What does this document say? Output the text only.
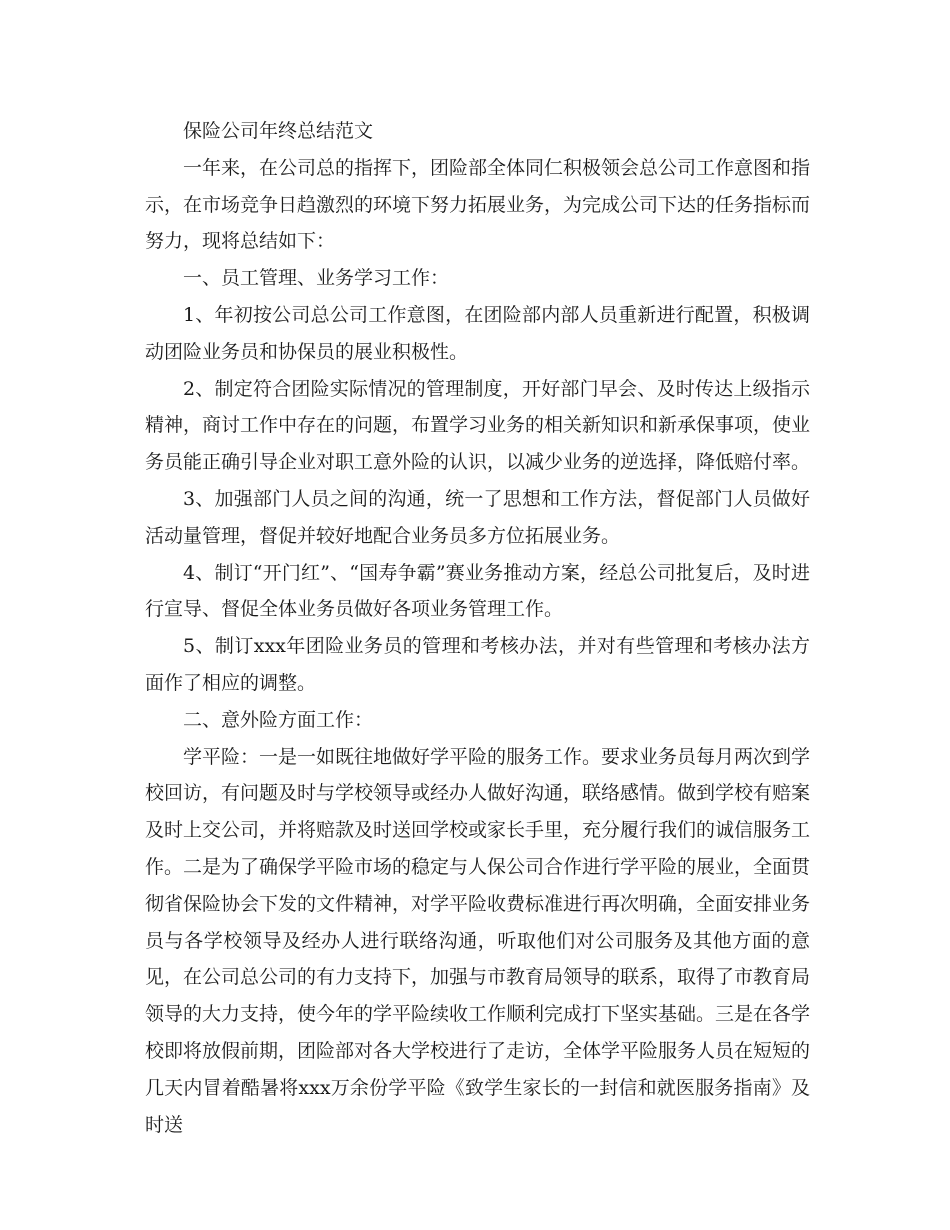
保险公司年终总结范文

一年来，在公司总的指挥下，团险部全体同仁积极领会总公司工作意图和指示，在市场竞争日趋激烈的环境下努力拓展业务，为完成公司下达的任务指标而努力，现将总结如下：

一、员工管理、业务学习工作：

1、年初按公司总公司工作意图，在团险部内部人员重新进行配置，积极调动团险业务员和协保员的展业积极性。

2、制定符合团险实际情况的管理制度，开好部门早会、及时传达上级指示精神，商讨工作中存在的问题，布置学习业务的相关新知识和新承保事项，使业务员能正确引导企业对职工意外险的认识，以减少业务的逆选择，降低赔付率。

3、加强部门人员之间的沟通，统一了思想和工作方法，督促部门人员做好活动量管理，督促并较好地配合业务员多方位拓展业务。

4、制订“开门红”、“国寿争霸”赛业务推动方案，经总公司批复后，及时进行宣导、督促全体业务员做好各项业务管理工作。

5、制订xxx年团险业务员的管理和考核办法，并对有些管理和考核办法方面作了相应的调整。

二、意外险方面工作：

学平险：一是一如既往地做好学平险的服务工作。要求业务员每月两次到学校回访，有问题及时与学校领导或经办人做好沟通，联络感情。做到学校有赔案及时上交公司，并将赔款及时送回学校或家长手里，充分履行我们的诚信服务工作。二是为了确保学平险市场的稳定与人保公司合作进行学平险的展业，全面贯彻省保险协会下发的文件精神，对学平险收费标准进行再次明确，全面安排业务员与各学校领导及经办人进行联络沟通，听取他们对公司服务及其他方面的意见，在公司总公司的有力支持下，加强与市教育局领导的联系，取得了市教育局领导的大力支持，使今年的学平险续收工作顺利完成打下坚实基础。三是在各学校即将放假前期，团险部对各大学校进行了走访，全体学平险服务人员在短短的几天内冒着酷暑将xxx万余份学平险《致学生家长的一封信和就医服务指南》及时送
